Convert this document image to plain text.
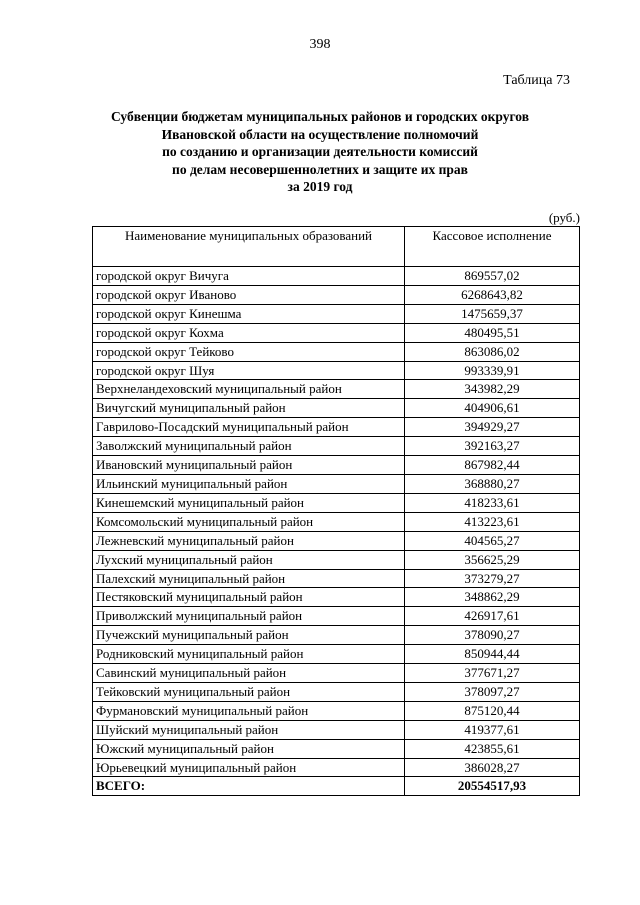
398
Таблица 73
Субвенции бюджетам муниципальных районов и городских округов
Ивановской области на осуществление полномочий
по созданию и организации деятельности комиссий
по делам несовершеннолетних и защите их прав
за 2019 год
(руб.)
Наименование муниципальных образований	Кассовое исполнение
городской округ Вичуга	869557,02
городской округ Иваново	6268643,82
городской округ Кинешма	1475659,37
городской округ Кохма	480495,51
городской округ Тейково	863086,02
городской округ Шуя	993339,91
Верхнеландеховский муниципальный район	343982,29
Вичугский муниципальный район	404906,61
Гаврилово-Посадский муниципальный район	394929,27
Заволжский муниципальный район	392163,27
Ивановский муниципальный район	867982,44
Ильинский муниципальный район	368880,27
Кинешемский муниципальный район	418233,61
Комсомольский муниципальный район	413223,61
Лежневский муниципальный район	404565,27
Лухский муниципальный район	356625,29
Палехский муниципальный район	373279,27
Пестяковский муниципальный район	348862,29
Приволжский муниципальный район	426917,61
Пучежский муниципальный район	378090,27
Родниковский муниципальный район	850944,44
Савинский муниципальный район	377671,27
Тейковский муниципальный район	378097,27
Фурмановский муниципальный район	875120,44
Шуйский муниципальный район	419377,61
Южский муниципальный район	423855,61
Юрьевецкий муниципальный район	386028,27
ВСЕГО:	20554517,93
